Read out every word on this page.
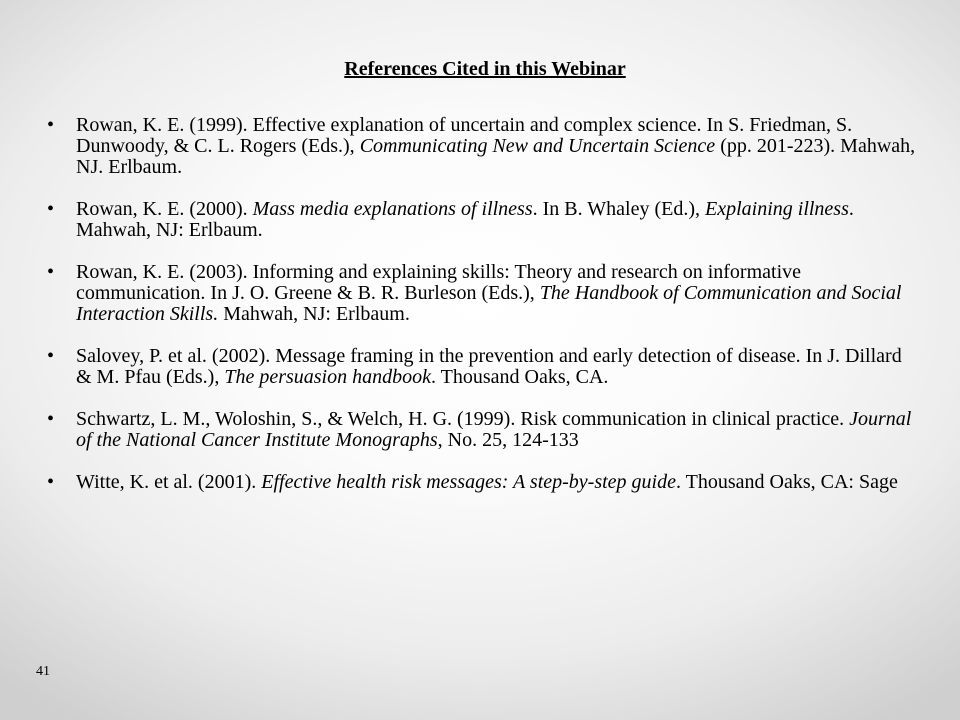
References Cited in this Webinar
• Rowan, K. E. (1999). Effective explanation of uncertain and complex science. In S. Friedman, S. Dunwoody, & C. L. Rogers (Eds.), Communicating New and Uncertain Science (pp. 201-223). Mahwah, NJ. Erlbaum.
• Rowan, K. E. (2000). Mass media explanations of illness. In B. Whaley (Ed.), Explaining illness. Mahwah, NJ: Erlbaum.
• Rowan, K. E. (2003). Informing and explaining skills: Theory and research on informative communication. In J. O. Greene & B. R. Burleson (Eds.), The Handbook of Communication and Social Interaction Skills. Mahwah, NJ: Erlbaum.
• Salovey, P. et al. (2002). Message framing in the prevention and early detection of disease. In J. Dillard & M. Pfau (Eds.), The persuasion handbook. Thousand Oaks, CA.
• Schwartz, L. M., Woloshin, S., & Welch, H. G. (1999). Risk communication in clinical practice. Journal of the National Cancer Institute Monographs, No. 25, 124-133
• Witte, K. et al. (2001). Effective health risk messages: A step-by-step guide. Thousand Oaks, CA: Sage
41
